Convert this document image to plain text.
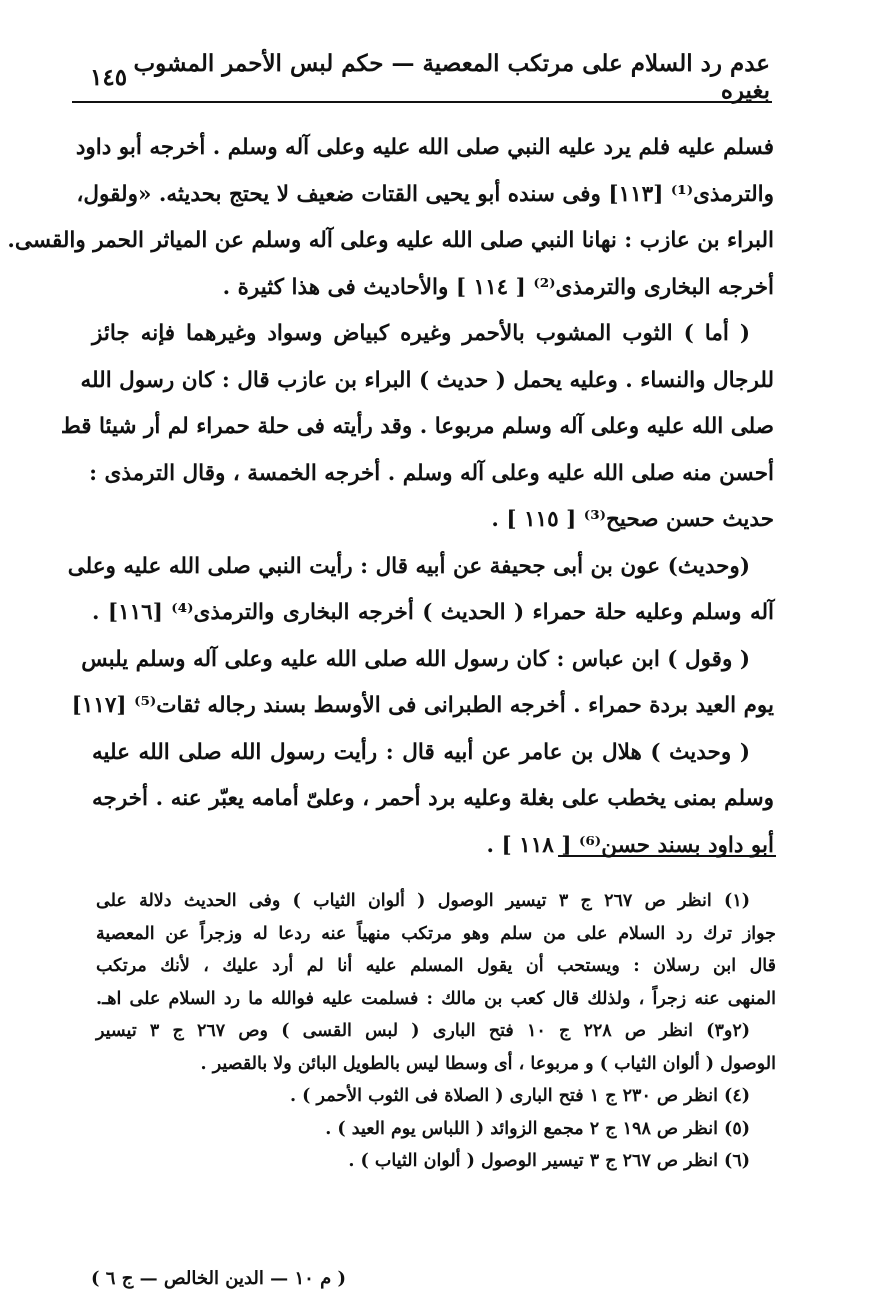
عدم رد السلام على مرتكب المعصية — حكم لبس الأحمر المشوب بغيره
١٤٥
فسلم عليه فلم يرد عليه النبي صلى الله عليه وعلى آله وسلم . أخرجه أبو داود
والترمذى⁽¹⁾ [١١٣] وفى سنده أبو يحيى القتات ضعيف لا يحتج بحديثه. «ولقول،
البراء بن عازب : نهانا النبي صلى الله عليه وعلى آله وسلم عن المياثر الحمر والقسى.
أخرجه البخارى والترمذى⁽²⁾ [ ١١٤ ] والأحاديث فى هذا كثيرة .
( أما ) الثوب المشوب بالأحمر وغيره كبياض وسواد وغيرهما فإنه جائز
للرجال والنساء . وعليه يحمل ( حديث ) البراء بن عازب قال : كان رسول الله
صلى الله عليه وعلى آله وسلم مربوعا . وقد رأيته فى حلة حمراء لم أر شيئا قط
أحسن منه صلى الله عليه وعلى آله وسلم . أخرجه الخمسة ، وقال الترمذى :
حديث حسن صحيح⁽³⁾ [ ١١٥ ] .
(وحديث) عون بن أبى جحيفة عن أبيه قال : رأيت النبي صلى الله عليه وعلى
آله وسلم وعليه حلة حمراء ( الحديث ) أخرجه البخارى والترمذى⁽⁴⁾ [١١٦] .
( وقول ) ابن عباس : كان رسول الله صلى الله عليه وعلى آله وسلم يلبس
يوم العيد بردة حمراء . أخرجه الطبرانى فى الأوسط بسند رجاله ثقات⁽⁵⁾ [١١٧]
( وحديث ) هلال بن عامر عن أبيه قال : رأيت رسول الله صلى الله عليه
وسلم بمنى يخطب على بغلة وعليه برد أحمر ، وعلىّ أمامه يعبّر عنه . أخرجه
أبو داود بسند حسن⁽⁶⁾ [ ١١٨ ] .
(١) انظر ص ٢٦٧ ج ٣ تيسير الوصول ( ألوان الثياب ) وفى الحديث دلالة على
جواز ترك رد السلام على من سلم وهو مرتكب منهياً عنه ردعا له وزجراً عن المعصية
قال ابن رسلان : ويستحب أن يقول المسلم عليه أنا لم أرد عليك ، لأنك مرتكب
المنهى عنه زجراً ، ولذلك قال كعب بن مالك : فسلمت عليه فوالله ما رد السلام على اهـ.
(٢و٣) انظر ص ٢٢٨ ج ١٠ فتح البارى ( لبس القسى ) وص ٢٦٧ ج ٣ تيسير
الوصول ( ألوان الثياب ) و مربوعا ، أى وسطا ليس بالطويل البائن ولا بالقصير .
(٤) انظر ص ٢٣٠ ج ١ فتح البارى ( الصلاة فى الثوب الأحمر ) .
(٥) انظر ص ١٩٨ ج ٢ مجمع الزوائد ( اللباس يوم العيد ) .
(٦) انظر ص ٢٦٧ ج ٣ تيسير الوصول ( ألوان الثياب ) .
( م ١٠ — الدين الخالص — ج ٦ )
